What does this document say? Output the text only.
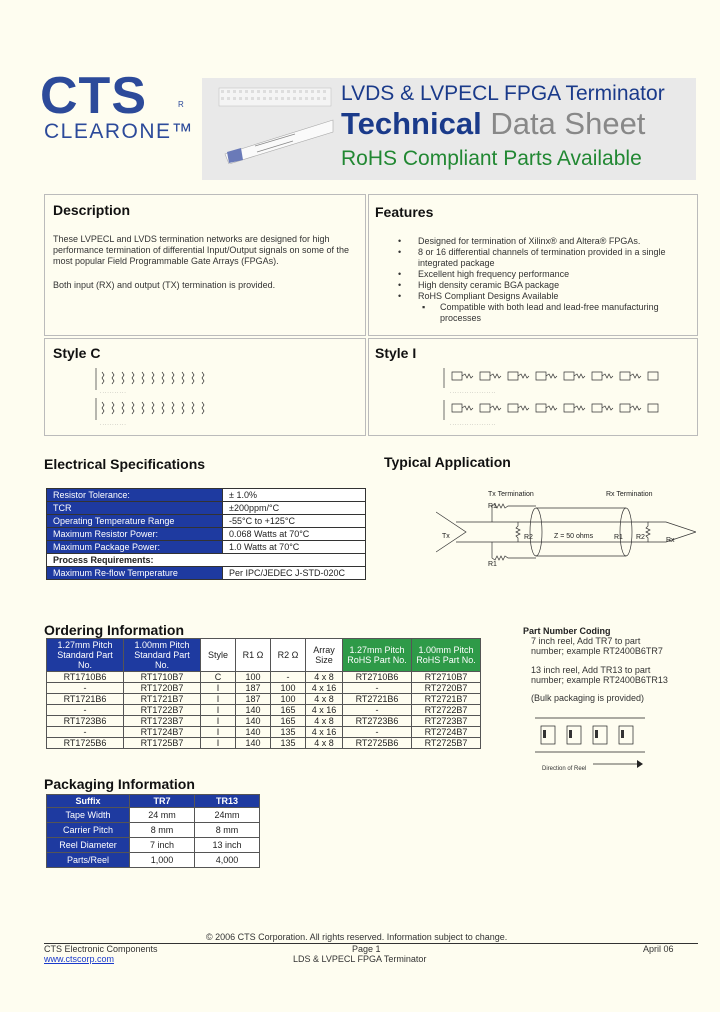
CTS	R
CLEARONE™
LVDS & LVPECL FPGA Terminator
Technical Data Sheet
RoHS Compliant Parts Available
Description
These LVPECL and LVDS termination networks are designed for high performance termination of differential Input/Output signals on some of the most popular Field Programmable Gate Arrays (FPGAs).
Both input (RX) and output (TX) termination is provided.
Features
• Designed for termination of Xilinx® and Altera® FPGAs.
• 8 or 16 differential channels of termination provided in a single integrated package
• Excellent high frequency performance
• High density ceramic BGA package
• RoHS Compliant Designs Available
▪ Compatible with both lead and lead-free manufacturing processes
Style C
· · · · · · · · · · ·
· · · · · · · · · · ·
Style I
· · · · · · · · · · · · · · · · · · ·
· · · · · · · · · · · · · · · · · · ·
Electrical Specifications
Resistor Tolerance:	± 1.0%
TCR	±200ppm/°C
Operating Temperature Range	-55°C to +125°C
Maximum Resistor Power:	0.068 Watts at 70°C
Maximum Package Power:	1.0 Watts at 70°C
Process Requirements:	
Maximum Re-flow Temperature	Per IPC/JEDEC J-STD-020C
Typical Application
Tx Termination	Rx Termination
R1
R1
R2	R1 R2
Tx
Rx
Z = 50 ohms
Ordering Information
1.27mm Pitch Standard Part No.	1.00mm Pitch Standard Part No.	Style	R1 Ω	R2 Ω	Array Size	1.27mm Pitch RoHS Part No.	1.00mm Pitch RoHS Part No.
RT1710B6	RT1710B7	C	100	-	4 x 8	RT2710B6	RT2710B7
-	RT1720B7	I	187	100	4 x 16	-	RT2720B7
RT1721B6	RT1721B7	I	187	100	4 x 8	RT2721B6	RT2721B7
-	RT1722B7	I	140	165	4 x 16	-	RT2722B7
RT1723B6	RT1723B7	I	140	165	4 x 8	RT2723B6	RT2723B7
-	RT1724B7	I	140	135	4 x 16	-	RT2724B7
RT1725B6	RT1725B7	I	140	135	4 x 8	RT2725B6	RT2725B7
Part Number Coding
7 inch reel, Add TR7 to part
number; example RT2400B6TR7
13 inch reel, Add TR13 to part
number; example RT2400B6TR13
(Bulk packaging is provided)
Direction of Reel
Packaging Information
Suffix	TR7	TR13
Tape Width	24 mm	24mm
Carrier Pitch	8 mm	8 mm
Reel Diameter	7 inch	13 inch
Parts/Reel	1,000	4,000
© 2006 CTS Corporation. All rights reserved. Information subject to change.
CTS Electronic Components
www.ctscorp.com
Page 1
LDS & LVPECL FPGA Terminator
April 06
